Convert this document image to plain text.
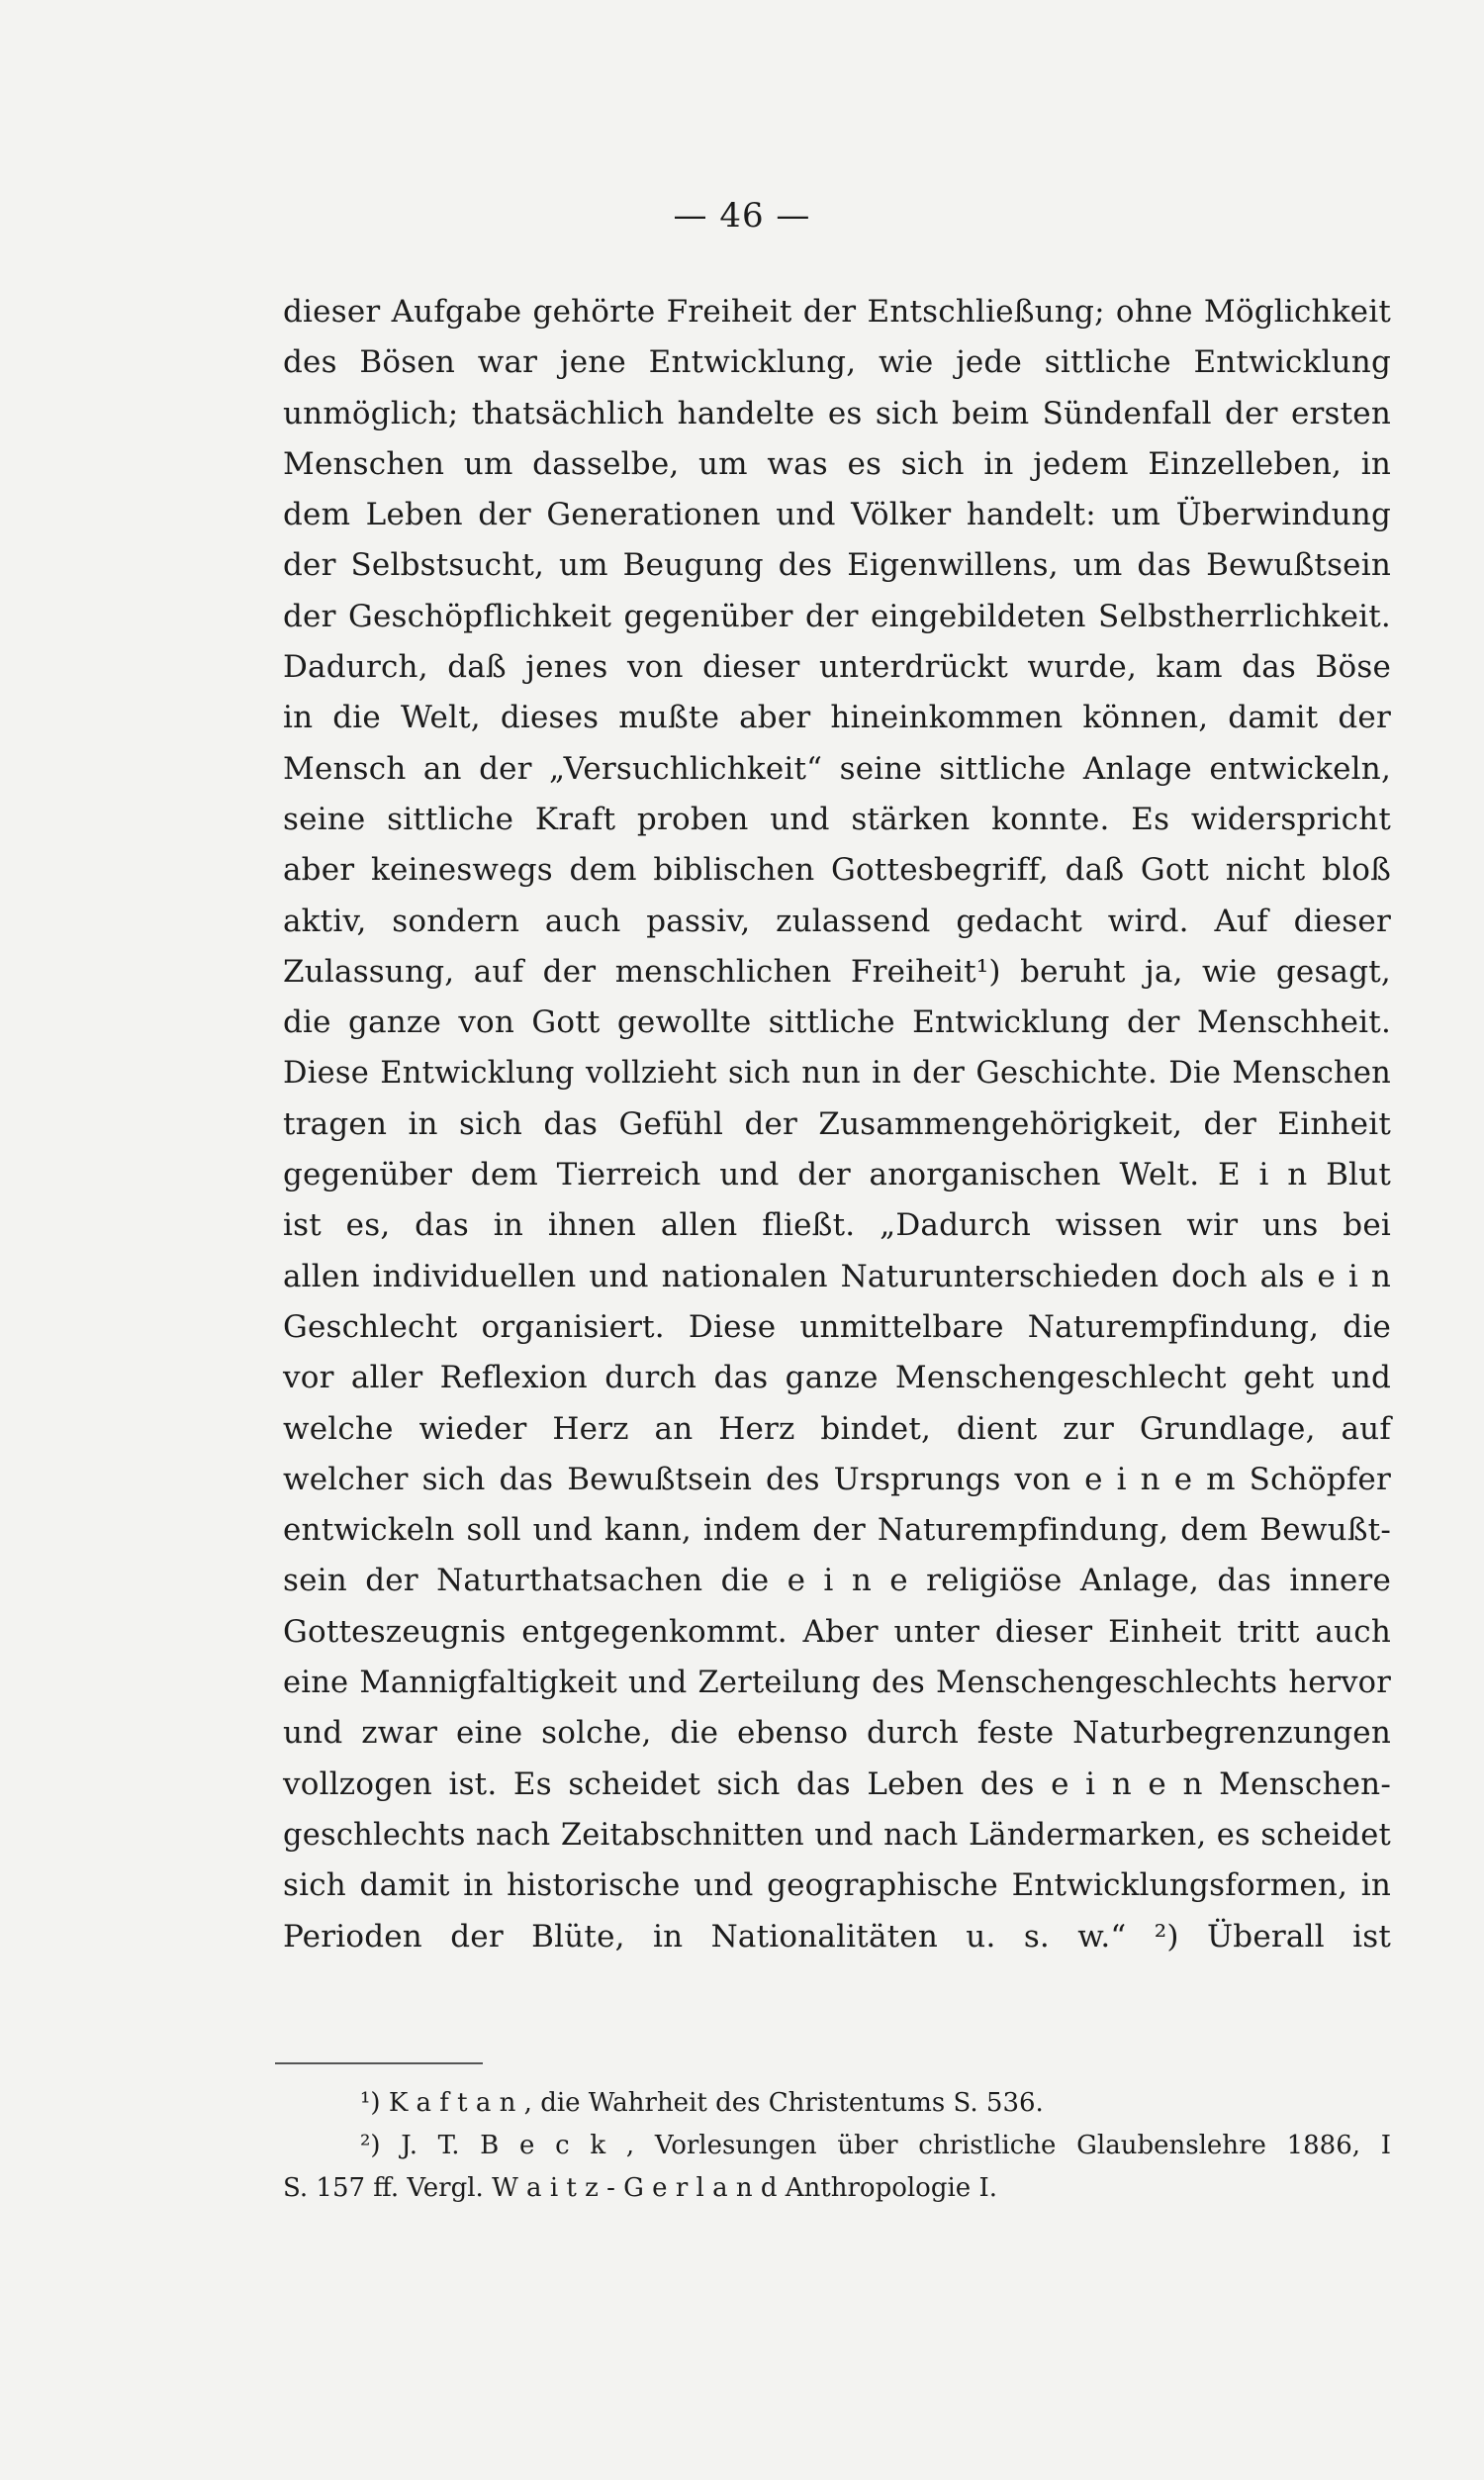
— 46 —
dieser Aufgabe gehörte Freiheit der Entschließung; ohne Möglichkeit
des Bösen war jene Entwicklung, wie jede sittliche Entwicklung
unmöglich; thatsächlich handelte es sich beim Sündenfall der ersten
Menschen um dasselbe, um was es sich in jedem Einzelleben, in
dem Leben der Generationen und Völker handelt: um Überwindung
der Selbstsucht, um Beugung des Eigenwillens, um das Bewußtsein
der Geschöpflichkeit gegenüber der eingebildeten Selbstherrlichkeit.
Dadurch, daß jenes von dieser unterdrückt wurde, kam das Böse
in die Welt, dieses mußte aber hineinkommen können, damit der
Mensch an der „Versuchlichkeit“ seine sittliche Anlage entwickeln,
seine sittliche Kraft proben und stärken konnte. Es widerspricht
aber keineswegs dem biblischen Gottesbegriff, daß Gott nicht bloß
aktiv, sondern auch passiv, zulassend gedacht wird. Auf dieser
Zulassung, auf der menschlichen Freiheit¹) beruht ja, wie gesagt,
die ganze von Gott gewollte sittliche Entwicklung der Menschheit.
Diese Entwicklung vollzieht sich nun in der Geschichte. Die Menschen
tragen in sich das Gefühl der Zusammengehörigkeit, der Einheit
gegenüber dem Tierreich und der anorganischen Welt. E i n Blut
ist es, das in ihnen allen fließt. „Dadurch wissen wir uns bei
allen individuellen und nationalen Naturunterschieden doch als e i n
Geschlecht organisiert. Diese unmittelbare Naturempfindung, die
vor aller Reflexion durch das ganze Menschengeschlecht geht und
welche wieder Herz an Herz bindet, dient zur Grundlage, auf
welcher sich das Bewußtsein des Ursprungs von e i n e m Schöpfer
entwickeln soll und kann, indem der Naturempfindung, dem Bewußt-
sein der Naturthatsachen die e i n e religiöse Anlage, das innere
Gotteszeugnis entgegenkommt. Aber unter dieser Einheit tritt auch
eine Mannigfaltigkeit und Zerteilung des Menschengeschlechts hervor
und zwar eine solche, die ebenso durch feste Naturbegrenzungen
vollzogen ist. Es scheidet sich das Leben des e i n e n Menschen-
geschlechts nach Zeitabschnitten und nach Ländermarken, es scheidet
sich damit in historische und geographische Entwicklungsformen, in
Perioden der Blüte, in Nationalitäten u. s. w.“ ²) Überall ist
¹) K a f t a n , die Wahrheit des Christentums S. 536.
²) J. T. B e c k , Vorlesungen über christliche Glaubenslehre 1886, I
S. 157 ff. Vergl. W a i t z - G e r l a n d Anthropologie I.
